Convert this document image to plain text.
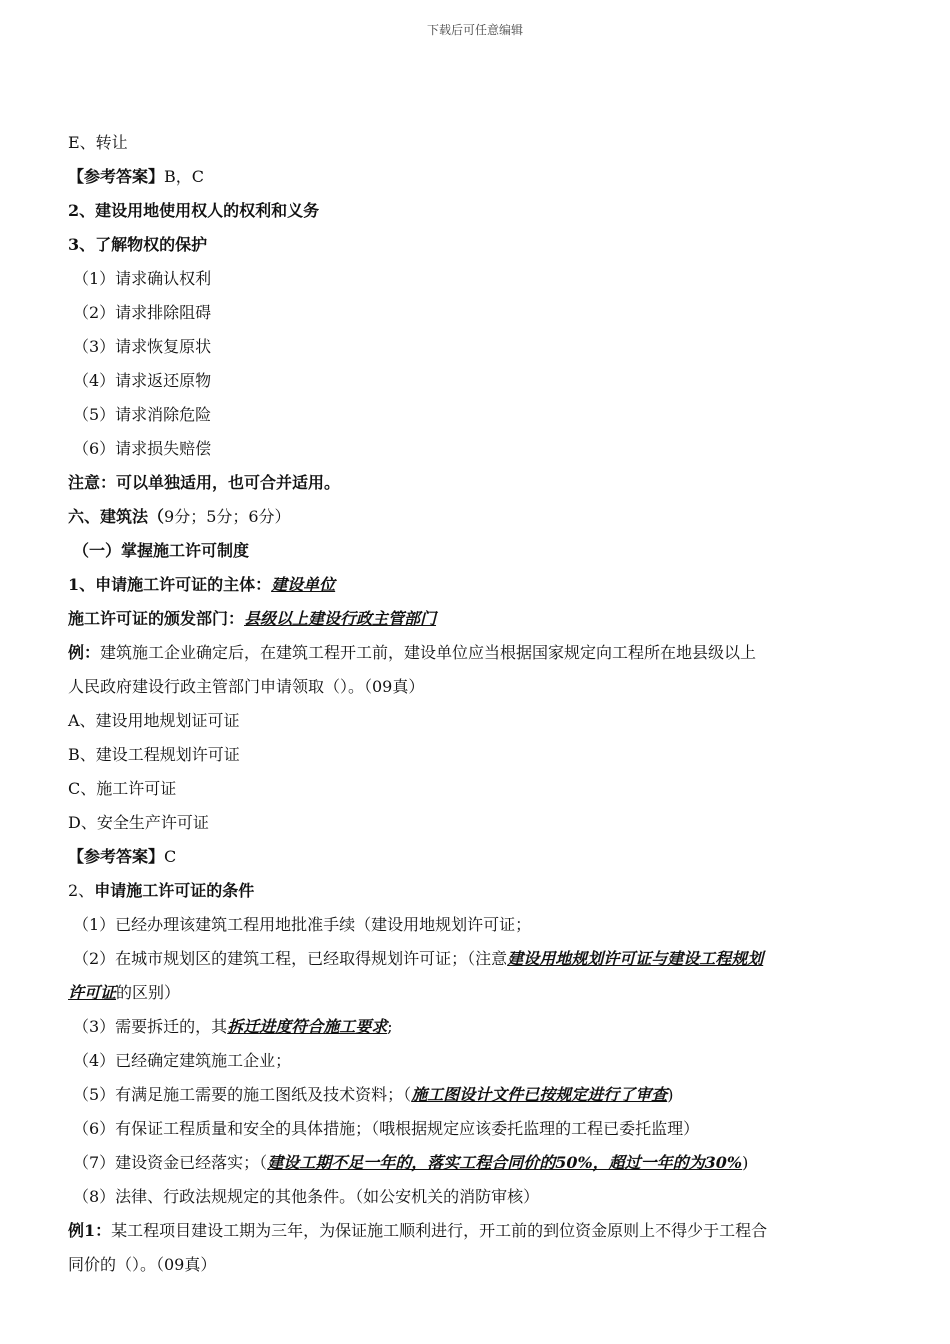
下载后可任意编辑
E、转让
【参考答案】B，C
2、建设用地使用权人的权利和义务
3、了解物权的保护
（1）请求确认权利
（2）请求排除阻碍
（3）请求恢复原状
（4）请求返还原物
（5）请求消除危险
（6）请求损失赔偿
注意：可以单独适用，也可合并适用。
六、建筑法（9分；5分；6分）
（一）掌握施工许可制度
1、申请施工许可证的主体：建设单位
施工许可证的颁发部门：县级以上建设行政主管部门
例：建筑施工企业确定后，在建筑工程开工前，建设单位应当根据国家规定向工程所在地县级以上
人民政府建设行政主管部门申请领取（）。（09真）
A、建设用地规划证可证
B、建设工程规划许可证
C、施工许可证
D、安全生产许可证
【参考答案】C
2、申请施工许可证的条件
（1）已经办理该建筑工程用地批准手续（建设用地规划许可证；
（2）在城市规划区的建筑工程，已经取得规划许可证；（注意建设用地规划许可证与建设工程规划
许可证的区别）
（3）需要拆迁的，其拆迁进度符合施工要求;
（4）已经确定建筑施工企业；
（5）有满足施工需要的施工图纸及技术资料；（施工图设计文件已按规定进行了审查)
（6）有保证工程质量和安全的具体措施；（哦根据规定应该委托监理的工程已委托监理）
（7）建设资金已经落实；（建设工期不足一年的，落实工程合同价的50%，超过一年的为30%)
（8）法律、行政法规规定的其他条件。（如公安机关的消防审核）
例1：某工程项目建设工期为三年，为保证施工顺利进行，开工前的到位资金原则上不得少于工程合
同价的（）。（09真）
